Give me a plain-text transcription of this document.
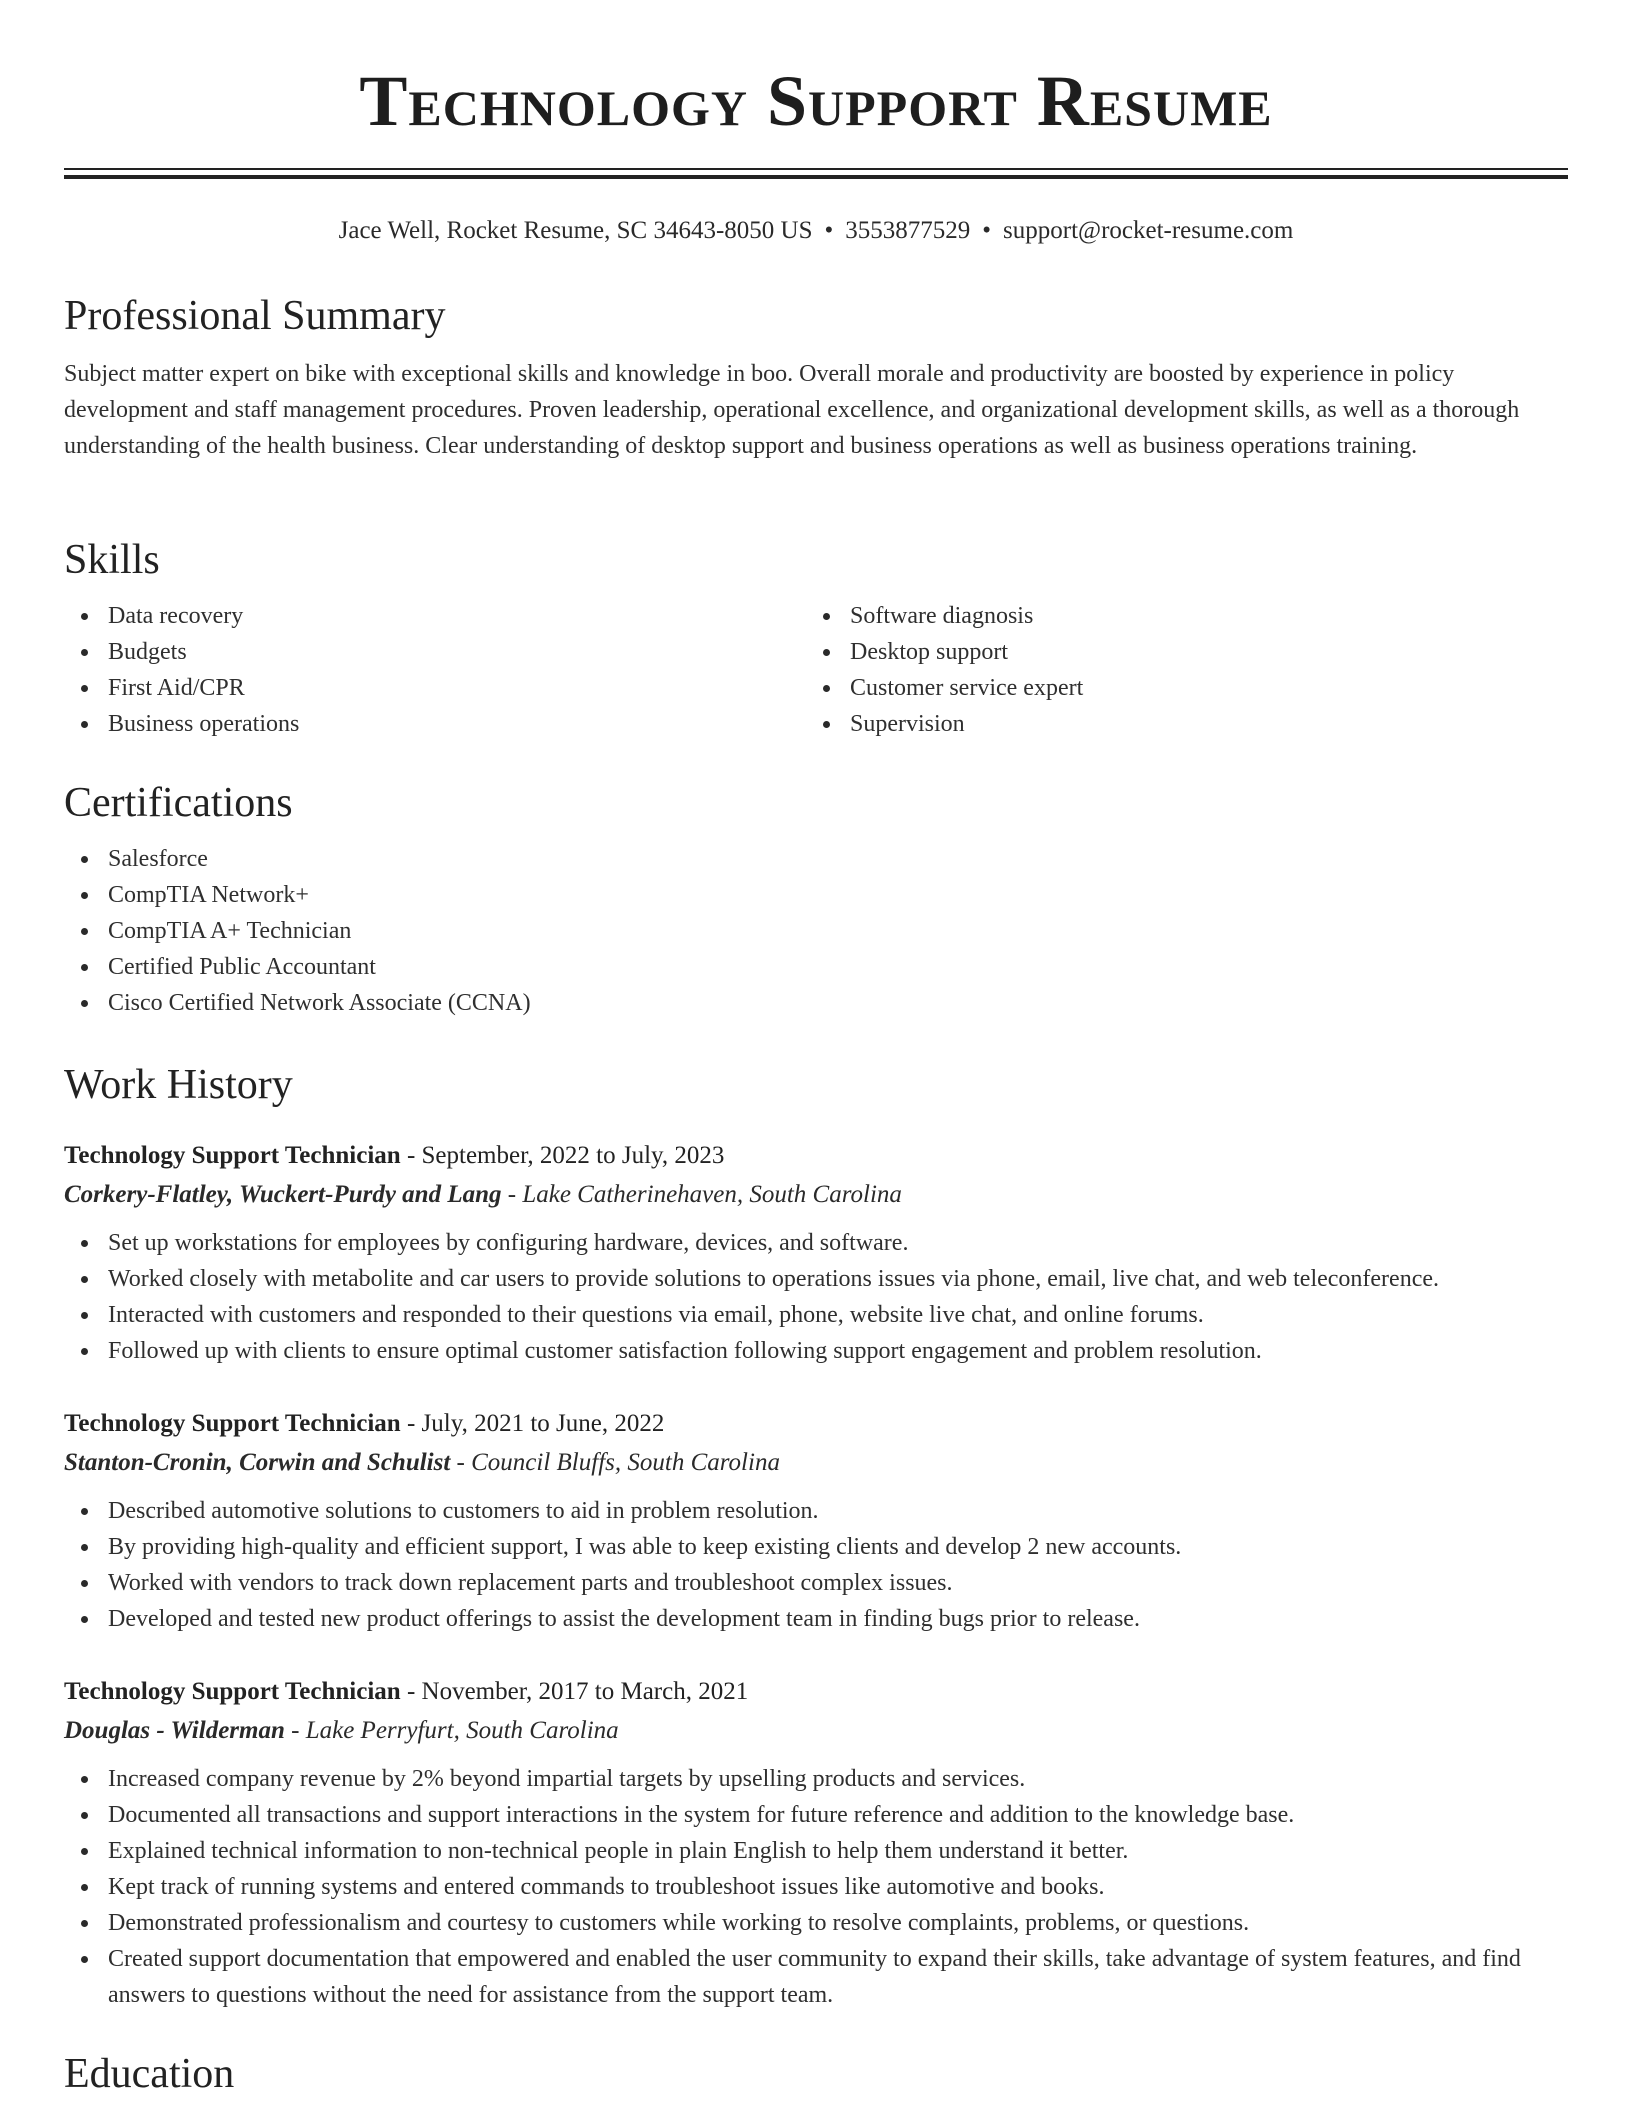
Technology Support Resume
Jace Well, Rocket Resume, SC 34643-8050 US • 3553877529 • support@rocket-resume.com
Professional Summary

Subject matter expert on bike with exceptional skills and knowledge in boo. Overall morale and productivity are boosted by experience in policy development and staff management procedures. Proven leadership, operational excellence, and organizational development skills, as well as a thorough understanding of the health business. Clear understanding of desktop support and business operations as well as business operations training.

Skills
Data recovery
Budgets
First Aid/CPR
Business operations
Software diagnosis
Desktop support
Customer service expert
Supervision
Certifications
Salesforce
CompTIA Network+
CompTIA A+ Technician
Certified Public Accountant
Cisco Certified Network Associate (CCNA)
Work History
Technology Support Technician - September, 2022 to July, 2023
Corkery-Flatley, Wuckert-Purdy and Lang - Lake Catherinehaven, South Carolina
Set up workstations for employees by configuring hardware, devices, and software.
Worked closely with metabolite and car users to provide solutions to operations issues via phone, email, live chat, and web teleconference.
Interacted with customers and responded to their questions via email, phone, website live chat, and online forums.
Followed up with clients to ensure optimal customer satisfaction following support engagement and problem resolution.
Technology Support Technician - July, 2021 to June, 2022
Stanton-Cronin, Corwin and Schulist - Council Bluffs, South Carolina
Described automotive solutions to customers to aid in problem resolution.
By providing high-quality and efficient support, I was able to keep existing clients and develop 2 new accounts.
Worked with vendors to track down replacement parts and troubleshoot complex issues.
Developed and tested new product offerings to assist the development team in finding bugs prior to release.
Technology Support Technician - November, 2017 to March, 2021
Douglas - Wilderman - Lake Perryfurt, South Carolina
Increased company revenue by 2% beyond impartial targets by upselling products and services.
Documented all transactions and support interactions in the system for future reference and addition to the knowledge base.
Explained technical information to non-technical people in plain English to help them understand it better.
Kept track of running systems and entered commands to troubleshoot issues like automotive and books.
Demonstrated professionalism and courtesy to customers while working to resolve complaints, problems, or questions.
Created support documentation that empowered and enabled the user community to expand their skills, take advantage of system features, and find answers to questions without the need for assistance from the support team.
Education
